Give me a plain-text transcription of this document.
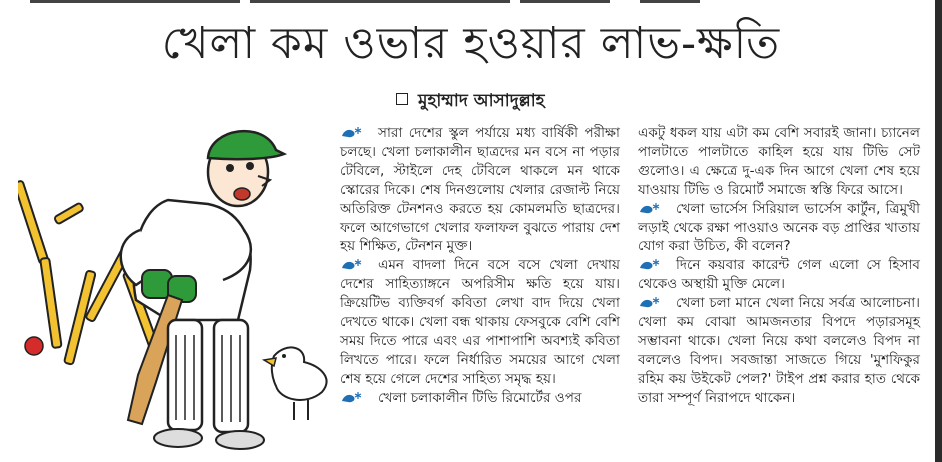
খেলা কম ওভার হওয়ার লাভ-ক্ষতি
মুহাম্মাদ আসাদুল্লাহ

সারা দেশের স্কুল পর্যায়ে মধ্য বার্ষিকী পরীক্ষা চলছে। খেলা চলাকালীন ছাত্রদের মন বসে না পড়ার টেবিলে, স্টাইলে দেহ টেবিলে থাকলে মন থাকে স্কোরের দিকে। শেষ দিনগুলোয় খেলার রেজাল্ট নিয়ে অতিরিক্ত টেনশনও করতে হয় কোমলমতি ছাত্রদের। ফলে আগেভাগে খেলার ফলাফল বুঝতে পারায় দেশ হয় শিক্ষিত, টেনশন মুক্ত।

এমন বাদলা দিনে বসে বসে খেলা দেখায় দেশের সাহিত্যাঙ্গনে অপরিসীম ক্ষতি হয়ে যায়। ক্রিয়েটিভ ব্যক্তিবর্গ কবিতা লেখা বাদ দিয়ে খেলা দেখতে থাকে। খেলা বন্ধ থাকায় ফেসবুকে বেশি বেশি সময় দিতে পারে এবং এর পাশাপাশি অবশ্যই কবিতা লিখতে পারে। ফলে নির্ধারিত সময়ের আগে খেলা শেষ হয়ে গেলে দেশের সাহিত্য সমৃদ্ধ হয়।

খেলা চলাকালীন টিভি রিমোর্টের ওপর

একটু ধকল যায় এটা কম বেশি সবারই জানা। চ্যানেল পালটাতে পালটাতে কাহিল হয়ে যায় টিভি সেট গুলোও। এ ক্ষেত্রে দু-এক দিন আগে খেলা শেষ হয়ে যাওয়ায় টিভি ও রিমোর্ট সমাজে স্বস্তি ফিরে আসে।

খেলা ভার্সেস সিরিয়াল ভার্সেস কার্টুন, ত্রিমুখী লড়াই থেকে রক্ষা পাওয়াও অনেক বড় প্রাপ্তির খাতায় যোগ করা উচিত, কী বলেন?

দিনে কয়বার কারেন্ট গেল এলো সে হিসাব থেকেও অস্থায়ী মুক্তি মেলে।

খেলা চলা মানে খেলা নিয়ে সর্বত্র আলোচনা। খেলা কম বোঝা আমজনতার বিপদে পড়ারসমূহ সম্ভাবনা থাকে। খেলা নিয়ে কথা বললেও বিপদ না বললেও বিপদ। সবজান্তা সাজতে গিয়ে 'মুশফিকুর রহিম কয় উইকেট পেল?' টাইপ প্রশ্ন করার হাত থেকে তারা সম্পূর্ণ নিরাপদে থাকেন।
